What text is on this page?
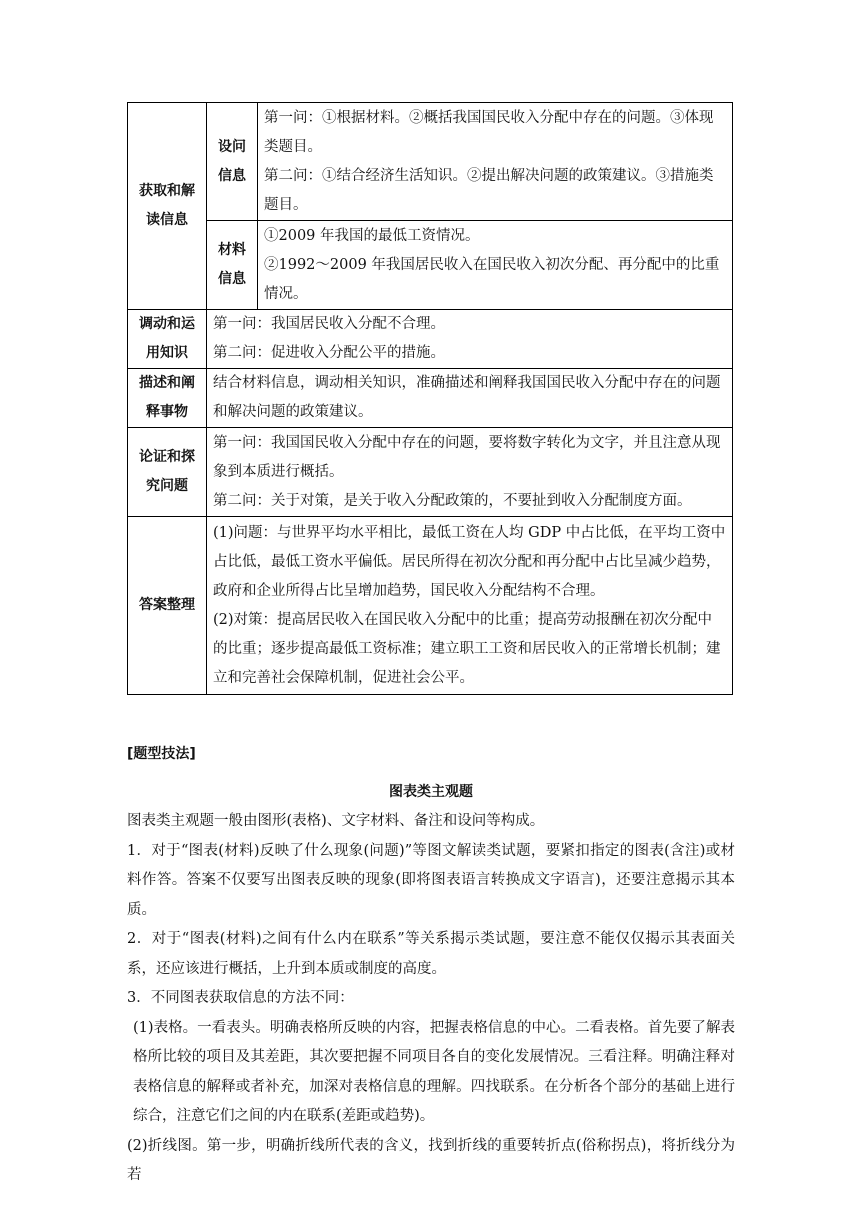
获取和解读信息	设问信息	第一问：①根据材料。②概括我国国民收入分配中存在的问题。③体现类题目。

第二问：①结合经济生活知识。②提出解决问题的政策建议。③措施类题目。

	材料信息	①2009 年我国的最低工资情况。

②1992～2009 年我国居民收入在国民收入初次分配、再分配中的比重情况。

调动和运用知识	第一问：我国居民收入分配不合理。

第二问：促进收入分配公平的措施。	

描述和阐释事物	结合材料信息，调动相关知识，准确描述和阐释我国国民收入分配中存在的问题和解决问题的政策建议。	

论证和探究问题	第一问：我国国民收入分配中存在的问题，要将数字转化为文字，并且注意从现象到本质进行概括。

第二问：关于对策，是关于收入分配政策的，不要扯到收入分配制度方面。	

答案整理	(1)问题：与世界平均水平相比，最低工资在人均 GDP 中占比低，在平均工资中占比低，最低工资水平偏低。居民所得在初次分配和再分配中占比呈减少趋势，政府和企业所得占比呈增加趋势，国民收入分配结构不合理。

(2)对策：提高居民收入在国民收入分配中的比重；提高劳动报酬在初次分配中的比重；逐步提高最低工资标准；建立职工工资和居民收入的正常增长机制；建立和完善社会保障机制，促进社会公平。	

[题型技法]

图表类主观题

图表类主观题一般由图形(表格)、文字材料、备注和设问等构成。

1．对于“图表(材料)反映了什么现象(问题)”等图文解读类试题，要紧扣指定的图表(含注)或材料作答。答案不仅要写出图表反映的现象(即将图表语言转换成文字语言)，还要注意揭示其本质。

2．对于“图表(材料)之间有什么内在联系”等关系揭示类试题，要注意不能仅仅揭示其表面关系，还应该进行概括，上升到本质或制度的高度。

3．不同图表获取信息的方法不同：

(1)表格。一看表头。明确表格所反映的内容，把握表格信息的中心。二看表格。首先要了解表格所比较的项目及其差距，其次要把握不同项目各自的变化发展情况。三看注释。明确注释对表格信息的解释或者补充，加深对表格信息的理解。四找联系。在分析各个部分的基础上进行综合，注意它们之间的内在联系(差距或趋势)。

(2)折线图。第一步，明确折线所代表的含义，找到折线的重要转折点(俗称拐点)，将折线分为若
